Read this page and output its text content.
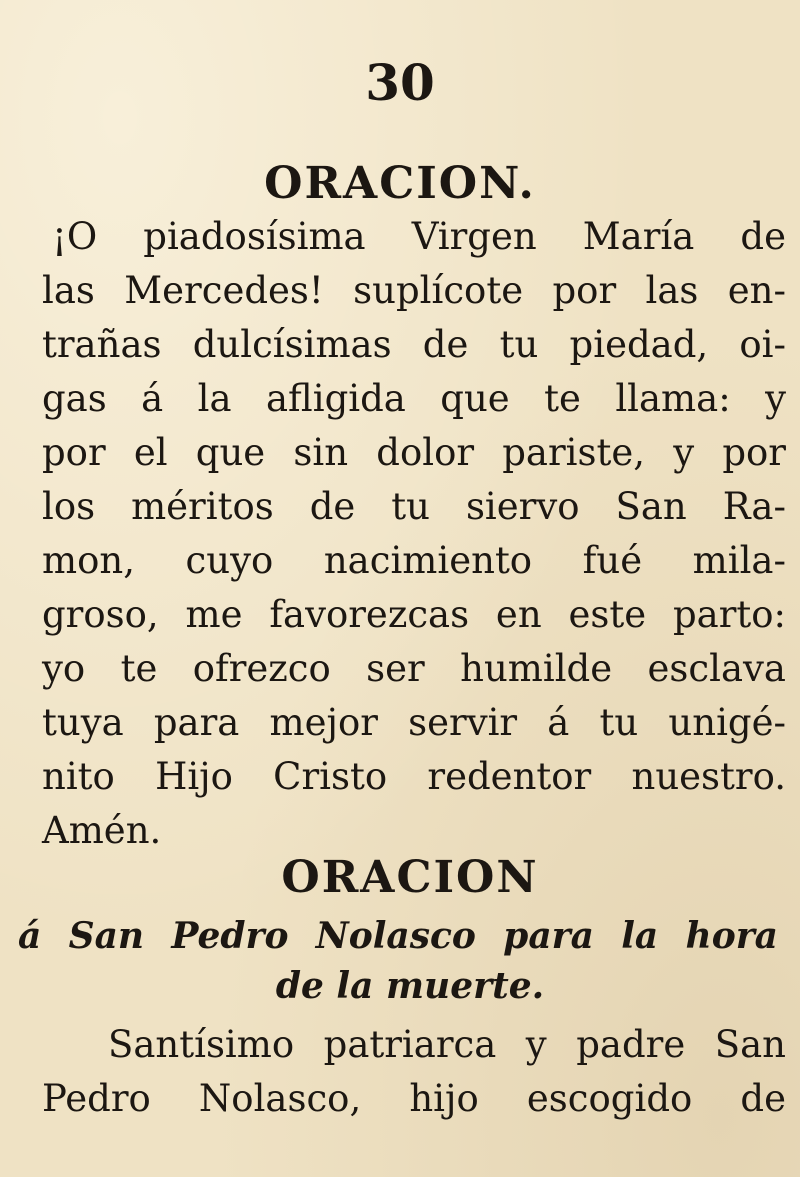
30
ORACION.
¡O piadosísima Virgen María de
las Mercedes! suplícote por las en-
trañas dulcísimas de tu piedad, oi-
gas á la afligida que te llama: y
por el que sin dolor pariste, y por
los méritos de tu siervo San Ra-
mon, cuyo nacimiento fué mila-
groso, me favorezcas en este parto:
yo te ofrezco ser humilde esclava
tuya para mejor servir á tu unigé-
nito Hijo Cristo redentor nuestro.
Amén.
ORACION
á San Pedro Nolasco para la hora
de la muerte.
Santísimo patriarca y padre San
Pedro Nolasco, hijo escogido de
